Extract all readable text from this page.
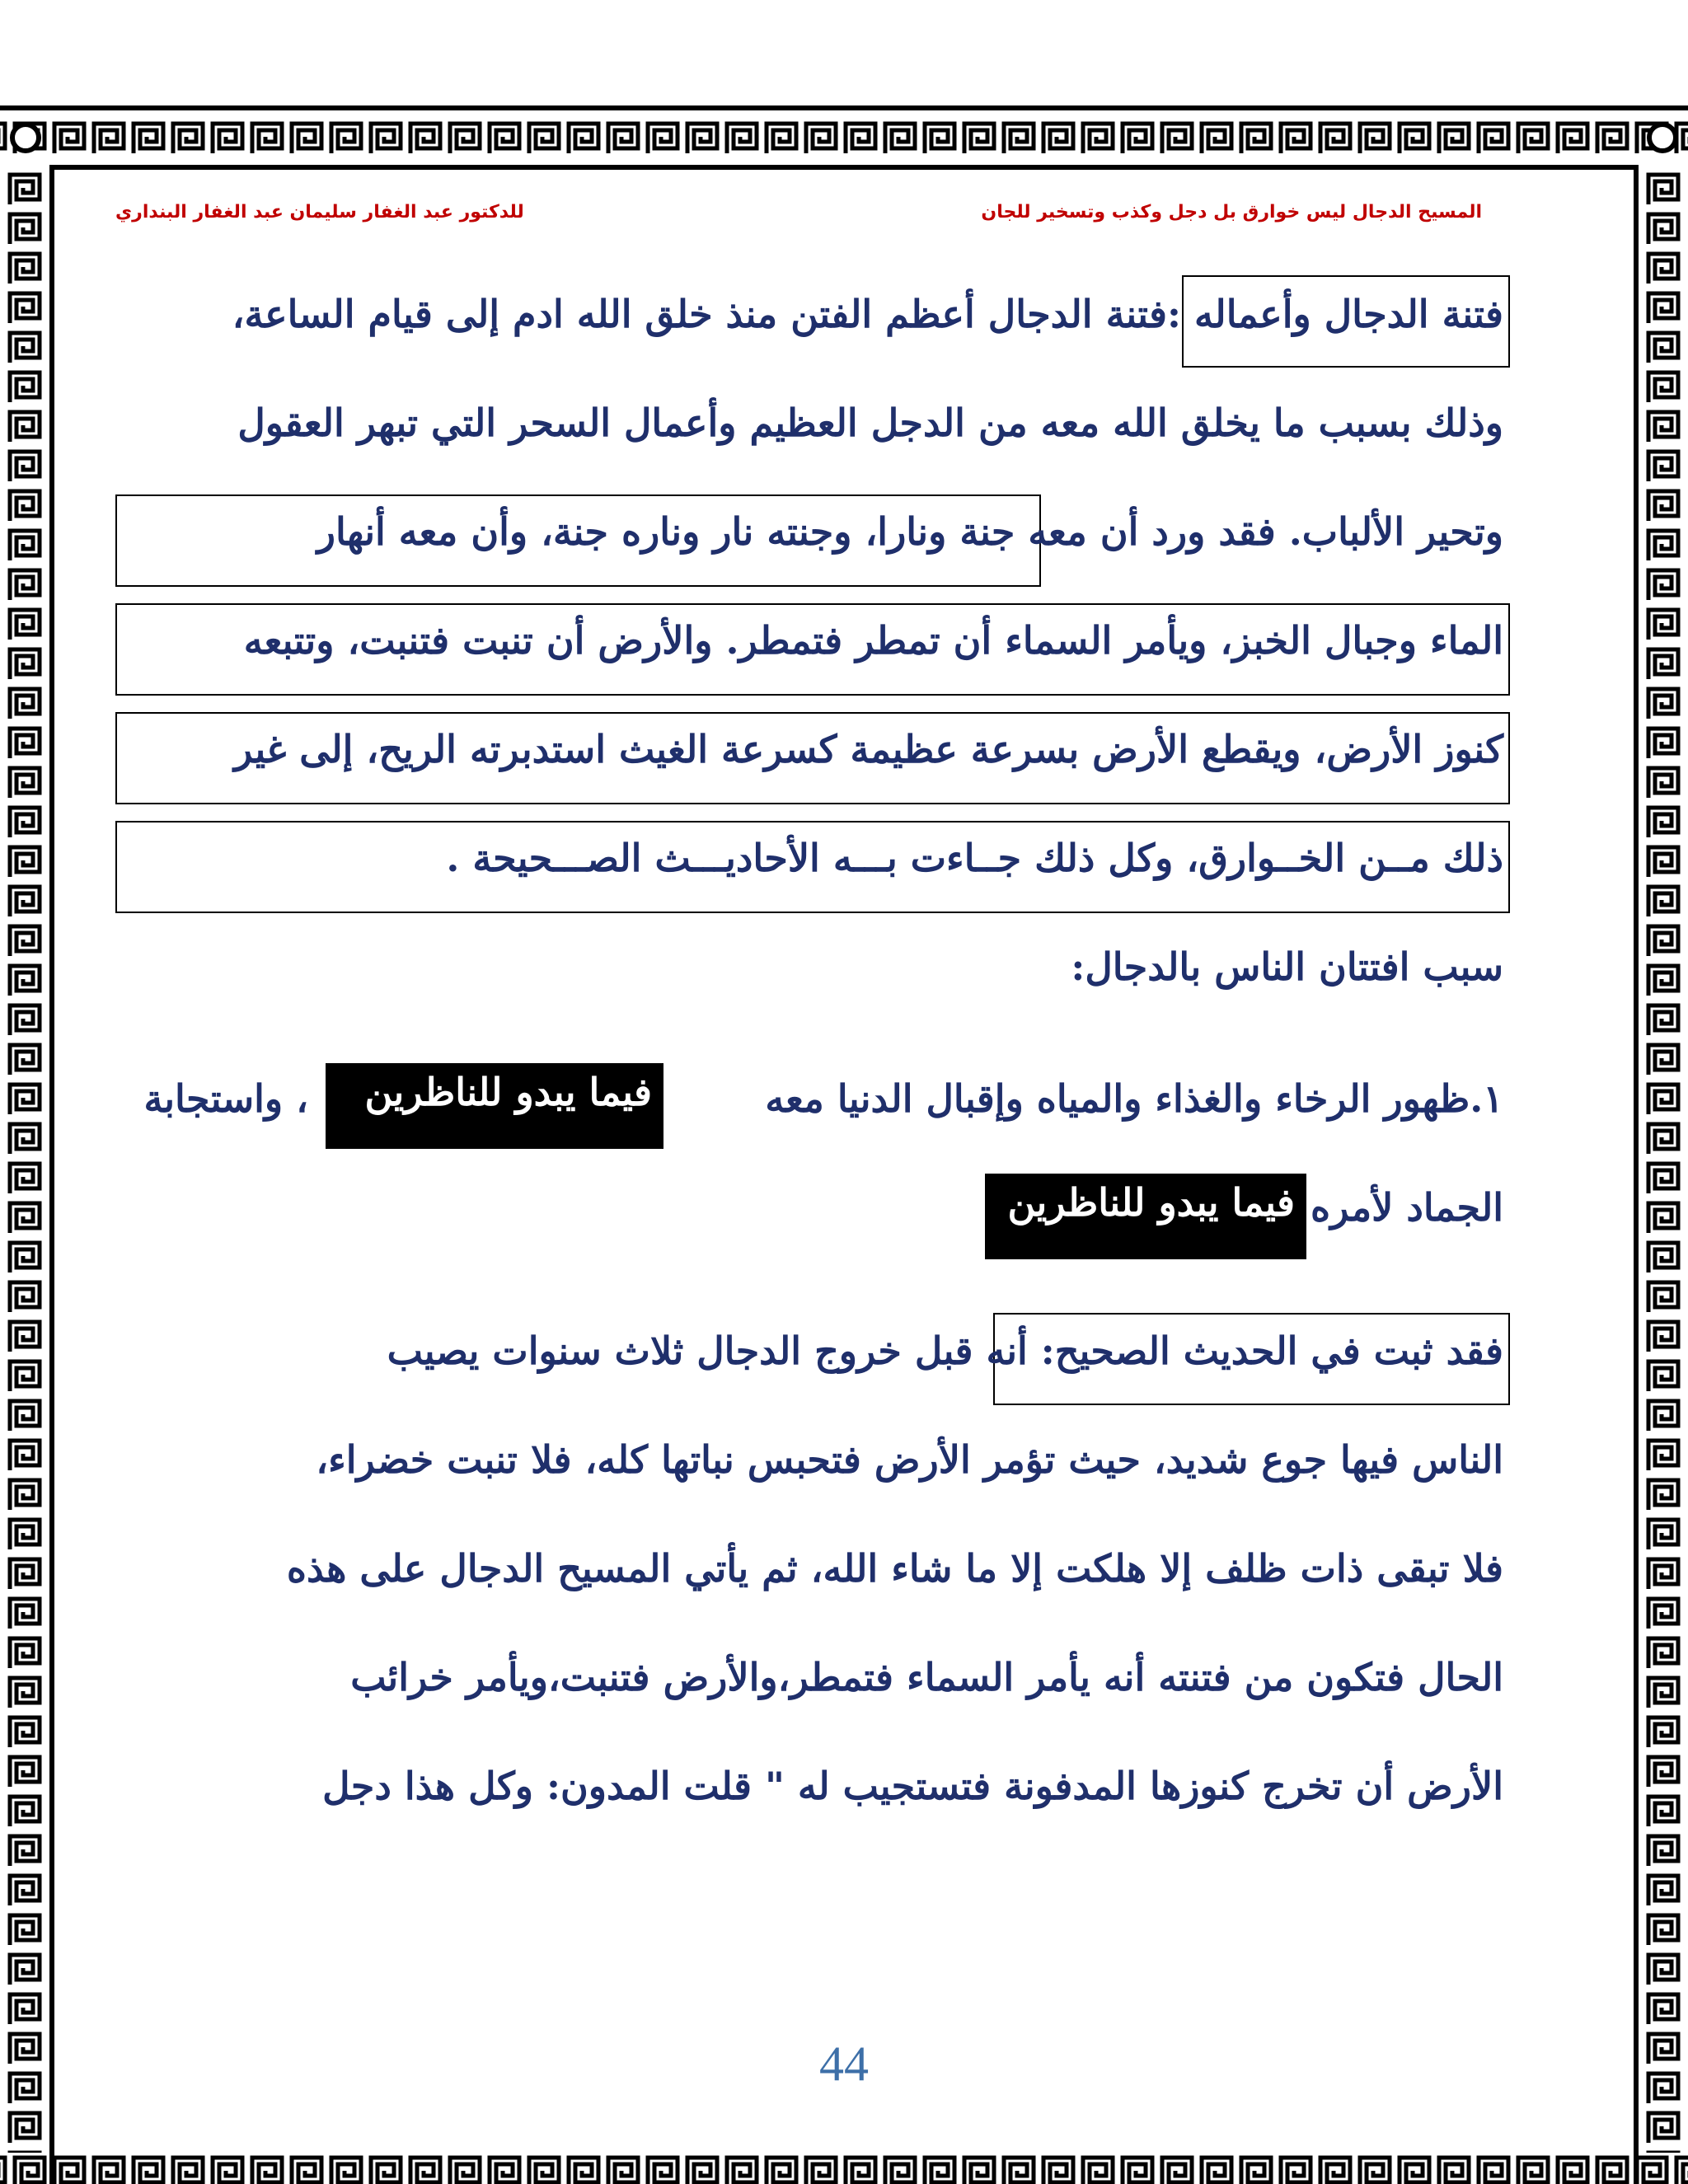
المسيح الدجال ليس خوارق بل دجل وكذب وتسخير للجان
للدكتور عبد الغفار سليمان عبد الغفار البنداري
فتنة الدجال وأعماله :فتنة الدجال أعظم الفتن منذ خلق الله ادم إلى قيام الساعة،
وذلك بسبب ما يخلق الله معه من الدجل العظيم وأعمال السحر التي تبهر العقول
وتحير الألباب. فقد ورد أن معه جنة ونارا، وجنته نار وناره جنة، وأن معه أنهار
الماء وجبال الخبز، ويأمر السماء أن تمطر فتمطر. والأرض أن تنبت فتنبت، وتتبعه
كنوز الأرض، ويقطع الأرض بسرعة عظيمة كسرعة الغيث استدبرته الريح، إلى غير
ذلك مــن الخــوارق، وكل ذلك جــاءت بـــه الأحاديـــث الصـــحيحة .
سبب افتتان الناس بالدجال:
١.ظهور الرخاء والغذاء والمياه وإقبال الدنيا معه
فيما يبدو للناظرين
، واستجابة
الجماد لأمره
فيما يبدو للناظرين
فقد ثبت في الحديث الصحيح: أنه قبل خروج الدجال ثلاث سنوات يصيب
الناس فيها جوع شديد، حيث تؤمر الأرض فتحبس نباتها كله، فلا تنبت خضراء،
فلا تبقى ذات ظلف إلا هلكت إلا ما شاء الله، ثم يأتي المسيح الدجال على هذه
الحال فتكون من فتنته أنه يأمر السماء فتمطر،والأرض فتنبت،ويأمر خرائب
الأرض أن تخرج كنوزها المدفونة فتستجيب له " قلت المدون: وكل هذا دجل
44
